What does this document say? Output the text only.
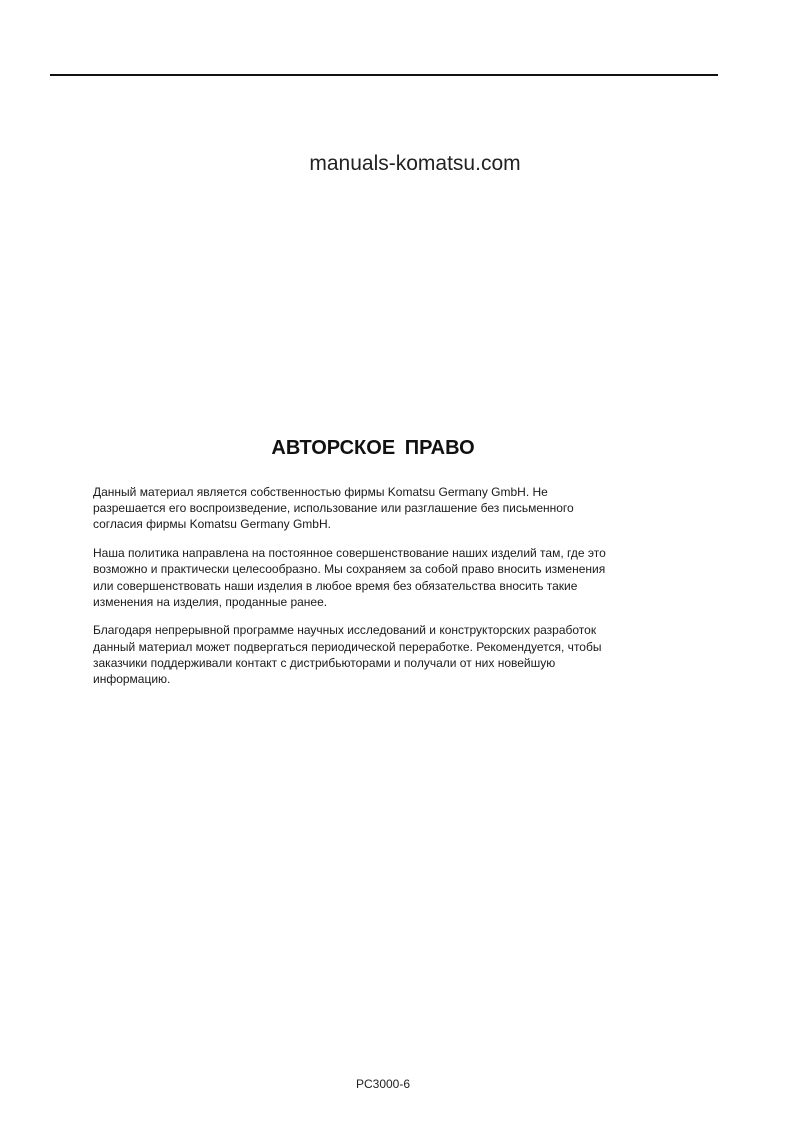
manuals-komatsu.com
АВТОРСКОЕ ПРАВО

Данный материал является собственностью фирмы Komatsu Germany GmbH. Не
разрешается его воспроизведение, использование или разглашение без письменного
согласия фирмы Komatsu Germany GmbH.

Наша политика направлена на постоянное совершенствование наших изделий там, где это
возможно и практически целесообразно. Мы сохраняем за собой право вносить изменения
или совершенствовать наши изделия в любое время без обязательства вносить такие
изменения на изделия, проданные ранее.

Благодаря непрерывной программе научных исследований и конструкторских разработок
данный материал может подвергаться периодической переработке. Рекомендуется, чтобы
заказчики поддерживали контакт с дистрибьюторами и получали от них новейшую
информацию.

PC3000-6
